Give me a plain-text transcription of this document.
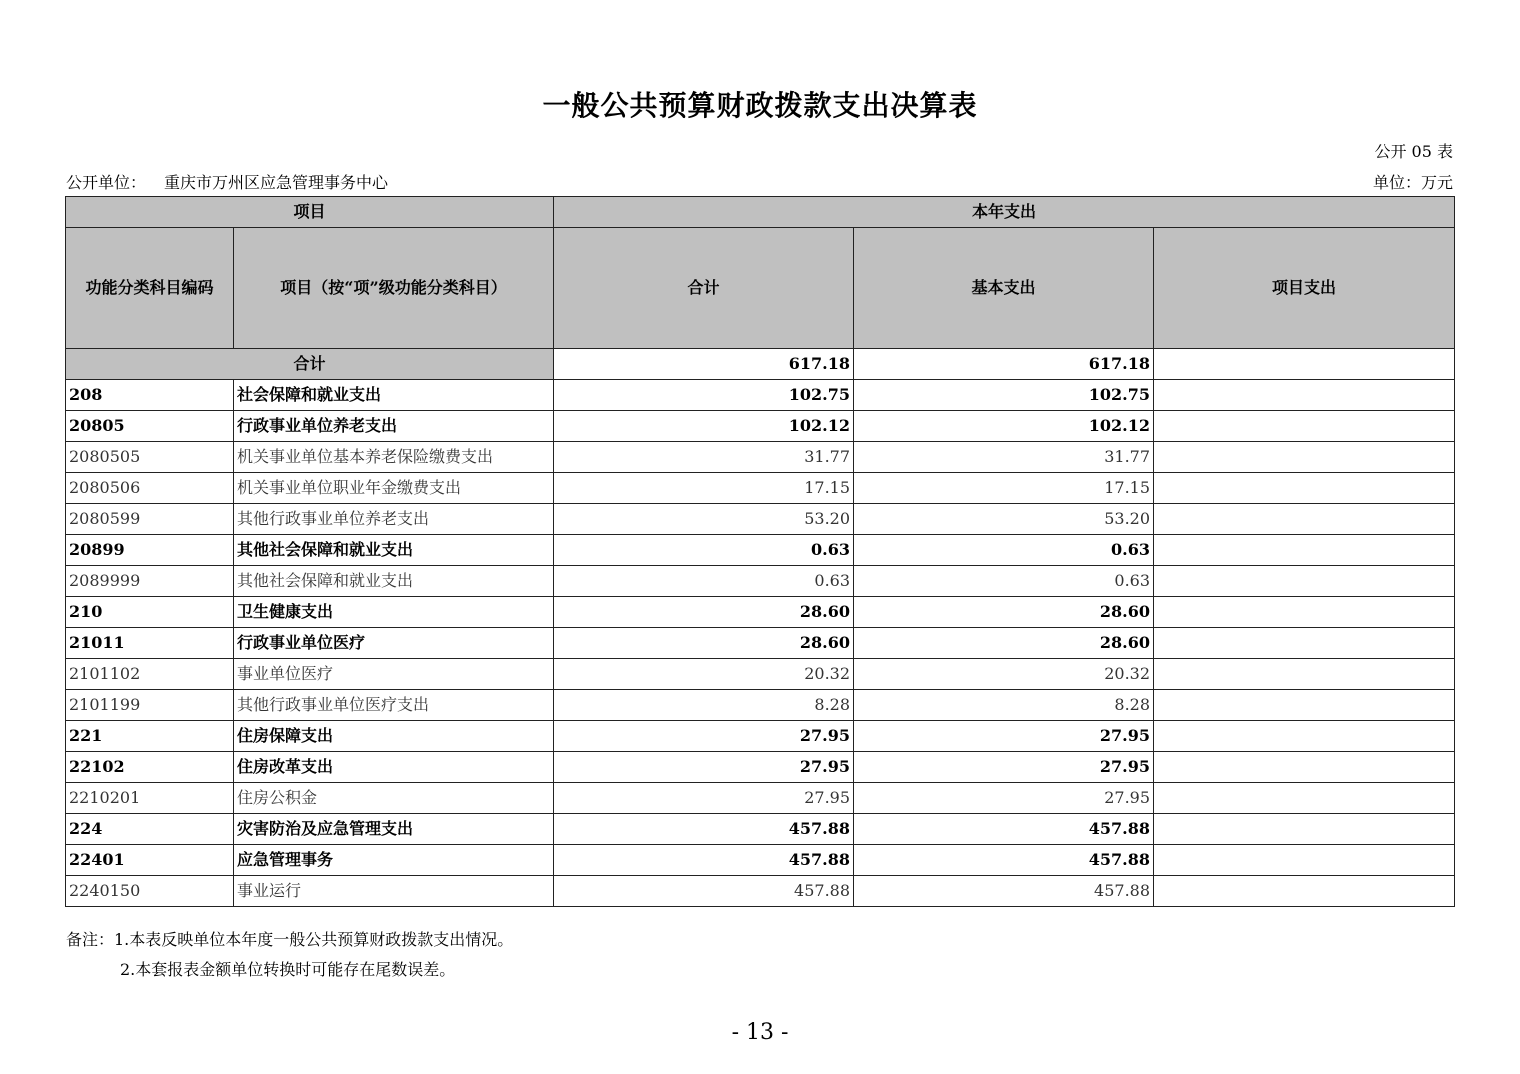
一般公共预算财政拨款支出决算表
公开 05 表
公开单位： 重庆市万州区应急管理事务中心	单位：万元
项目		本年支出		
功能分类科目编码	项目（按“项”级功能分类科目）	合计	基本支出	项目支出
合计		617.18	617.18	
208	社会保障和就业支出	102.75	102.75	
20805	行政事业单位养老支出	102.12	102.12	
2080505	机关事业单位基本养老保险缴费支出	31.77	31.77	
2080506	机关事业单位职业年金缴费支出	17.15	17.15	
2080599	其他行政事业单位养老支出	53.20	53.20	
20899	其他社会保障和就业支出	0.63	0.63	
2089999	其他社会保障和就业支出	0.63	0.63	
210	卫生健康支出	28.60	28.60	
21011	行政事业单位医疗	28.60	28.60	
2101102	事业单位医疗	20.32	20.32	
2101199	其他行政事业单位医疗支出	8.28	8.28	
221	住房保障支出	27.95	27.95	
22102	住房改革支出	27.95	27.95	
2210201	住房公积金	27.95	27.95	
224	灾害防治及应急管理支出	457.88	457.88	
22401	应急管理事务	457.88	457.88	
2240150	事业运行	457.88	457.88	
备注：1.本表反映单位本年度一般公共预算财政拨款支出情况。
2.本套报表金额单位转换时可能存在尾数误差。
- 13 -
